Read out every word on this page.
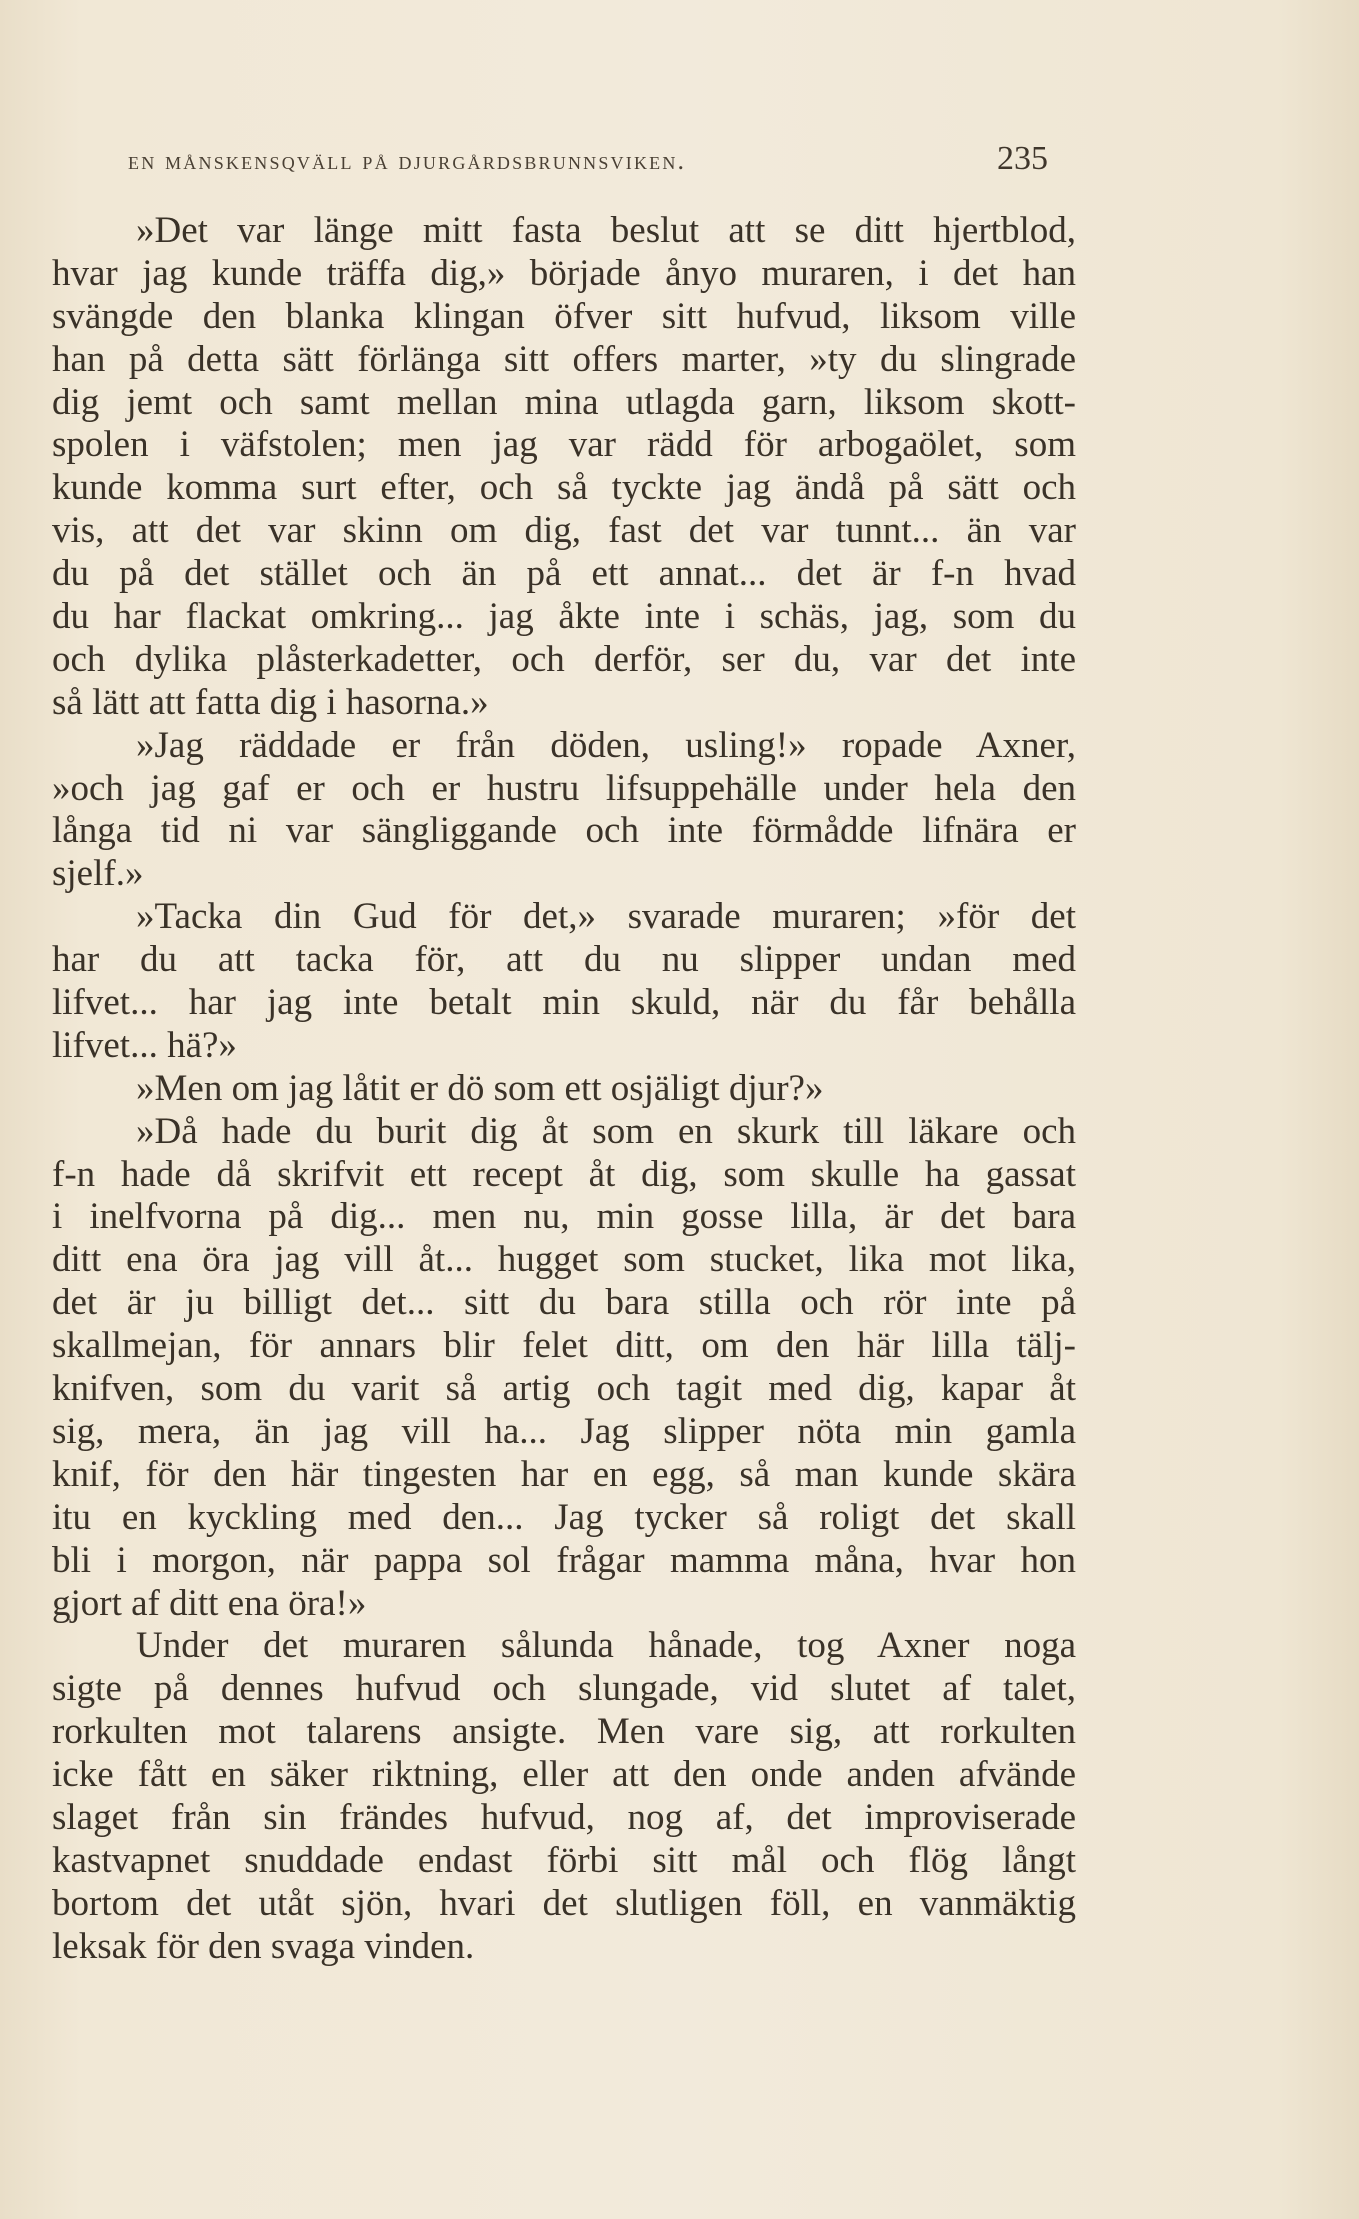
en månskensqväll på djurgårdsbrunnsviken.	235
»Det var länge mitt fasta beslut att se ditt hjertblod,
hvar jag kunde träffa dig,» började ånyo muraren, i det han
svängde den blanka klingan öfver sitt hufvud, liksom ville
han på detta sätt förlänga sitt offers marter, »ty du slingrade
dig jemt och samt mellan mina utlagda garn, liksom skott-
spolen i väfstolen; men jag var rädd för arbogaölet, som
kunde komma surt efter, och så tyckte jag ändå på sätt och
vis, att det var skinn om dig, fast det var tunnt... än var
du på det stället och än på ett annat... det är f-n hvad
du har flackat omkring... jag åkte inte i schäs, jag, som du
och dylika plåsterkadetter, och derför, ser du, var det inte
så lätt att fatta dig i hasorna.»
»Jag räddade er från döden, usling!» ropade Axner,
»och jag gaf er och er hustru lifsuppehälle under hela den
långa tid ni var sängliggande och inte förmådde lifnära er
sjelf.»
»Tacka din Gud för det,» svarade muraren; »för det
har du att tacka för, att du nu slipper undan med
lifvet... har jag inte betalt min skuld, när du får behålla
lifvet... hä?»
»Men om jag låtit er dö som ett osjäligt djur?»
»Då hade du burit dig åt som en skurk till läkare och
f-n hade då skrifvit ett recept åt dig, som skulle ha gassat
i inelfvorna på dig... men nu, min gosse lilla, är det bara
ditt ena öra jag vill åt... hugget som stucket, lika mot lika,
det är ju billigt det... sitt du bara stilla och rör inte på
skallmejan, för annars blir felet ditt, om den här lilla tälj-
knifven, som du varit så artig och tagit med dig, kapar åt
sig, mera, än jag vill ha... Jag slipper nöta min gamla
knif, för den här tingesten har en egg, så man kunde skära
itu en kyckling med den... Jag tycker så roligt det skall
bli i morgon, när pappa sol frågar mamma måna, hvar hon
gjort af ditt ena öra!»
Under det muraren sålunda hånade, tog Axner noga
sigte på dennes hufvud och slungade, vid slutet af talet,
rorkulten mot talarens ansigte. Men vare sig, att rorkulten
icke fått en säker riktning, eller att den onde anden afvände
slaget från sin frändes hufvud, nog af, det improviserade
kastvapnet snuddade endast förbi sitt mål och flög långt
bortom det utåt sjön, hvari det slutligen föll, en vanmäktig
leksak för den svaga vinden.
